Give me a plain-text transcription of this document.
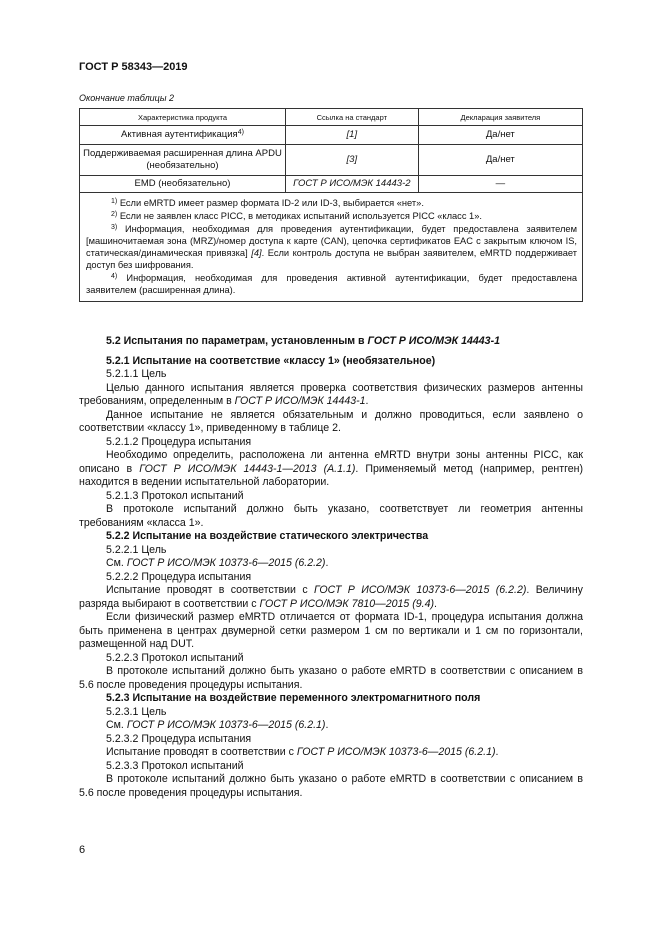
ГОСТ Р 58343—2019
Окончание таблицы 2
Характеристика продукта	Ссылка на стандарт	Декларация заявителя
Активная аутентификация$^{4)}$	[1]	Да/нет
Поддерживаемая расширенная длина APDU (необязательно)	[3]	Да/нет
EMD (необязательно)	ГОСТ Р ИСО/МЭК 14443-2	—

$^{1)}$ Если eMRTD имеет размер формата ID-2 или ID-3, выбирается «нет».

$^{2)}$ Если не заявлен класс PICC, в методиках испытаний используется PICC «класс 1».

$^{3)}$ Информация, необходимая для проведения аутентификации, будет предоставлена заявителем [машиночитаемая зона (MRZ)/номер доступа к карте (CAN), цепочка сертификатов EAC с закрытым ключом IS, статическая/динамическая привязка] [4]. Если контроль доступа не выбран заявителем, eMRTD поддерживает доступ без шифрования.

$^{4)}$ Информация, необходимая для проведения активной аутентификации, будет предоставлена заявителем (расширенная длина).		

5.2 Испытания по параметрам, установленным в ГОСТ Р ИСО/МЭК 14443-1

5.2.1 Испытание на соответствие «классу 1» (необязательное)

5.2.1.1 Цель

Целью данного испытания является проверка соответствия физических размеров антенны требованиям, определенным в ГОСТ Р ИСО/МЭК 14443-1.

Данное испытание не является обязательным и должно проводиться, если заявлено о соответствии «классу 1», приведенному в таблице 2.

5.2.1.2 Процедура испытания

Необходимо определить, расположена ли антенна eMRTD внутри зоны антенны PICC, как описано в ГОСТ Р ИСО/МЭК 14443-1—2013 (А.1.1). Применяемый метод (например, рентген) находится в ведении испытательной лаборатории.

5.2.1.3 Протокол испытаний

В протоколе испытаний должно быть указано, соответствует ли геометрия антенны требованиям «класса 1».

5.2.2 Испытание на воздействие статического электричества

5.2.2.1 Цель

См. ГОСТ Р ИСО/МЭК 10373-6—2015 (6.2.2).

5.2.2.2 Процедура испытания

Испытание проводят в соответствии с ГОСТ Р ИСО/МЭК 10373-6—2015 (6.2.2). Величину разряда выбирают в соответствии с ГОСТ Р ИСО/МЭК 7810—2015 (9.4).

Если физический размер eMRTD отличается от формата ID-1, процедура испытания должна быть применена в центрах двумерной сетки размером 1 см по вертикали и 1 см по горизонтали, размещенной над DUT.

5.2.2.3 Протокол испытаний

В протоколе испытаний должно быть указано о работе eMRTD в соответствии с описанием в 5.6 после проведения процедуры испытания.

5.2.3 Испытание на воздействие переменного электромагнитного поля

5.2.3.1 Цель

См. ГОСТ Р ИСО/МЭК 10373-6—2015 (6.2.1).

5.2.3.2 Процедура испытания

Испытание проводят в соответствии с ГОСТ Р ИСО/МЭК 10373-6—2015 (6.2.1).

5.2.3.3 Протокол испытаний

В протоколе испытаний должно быть указано о работе eMRTD в соответствии с описанием в 5.6 после проведения процедуры испытания.

6
